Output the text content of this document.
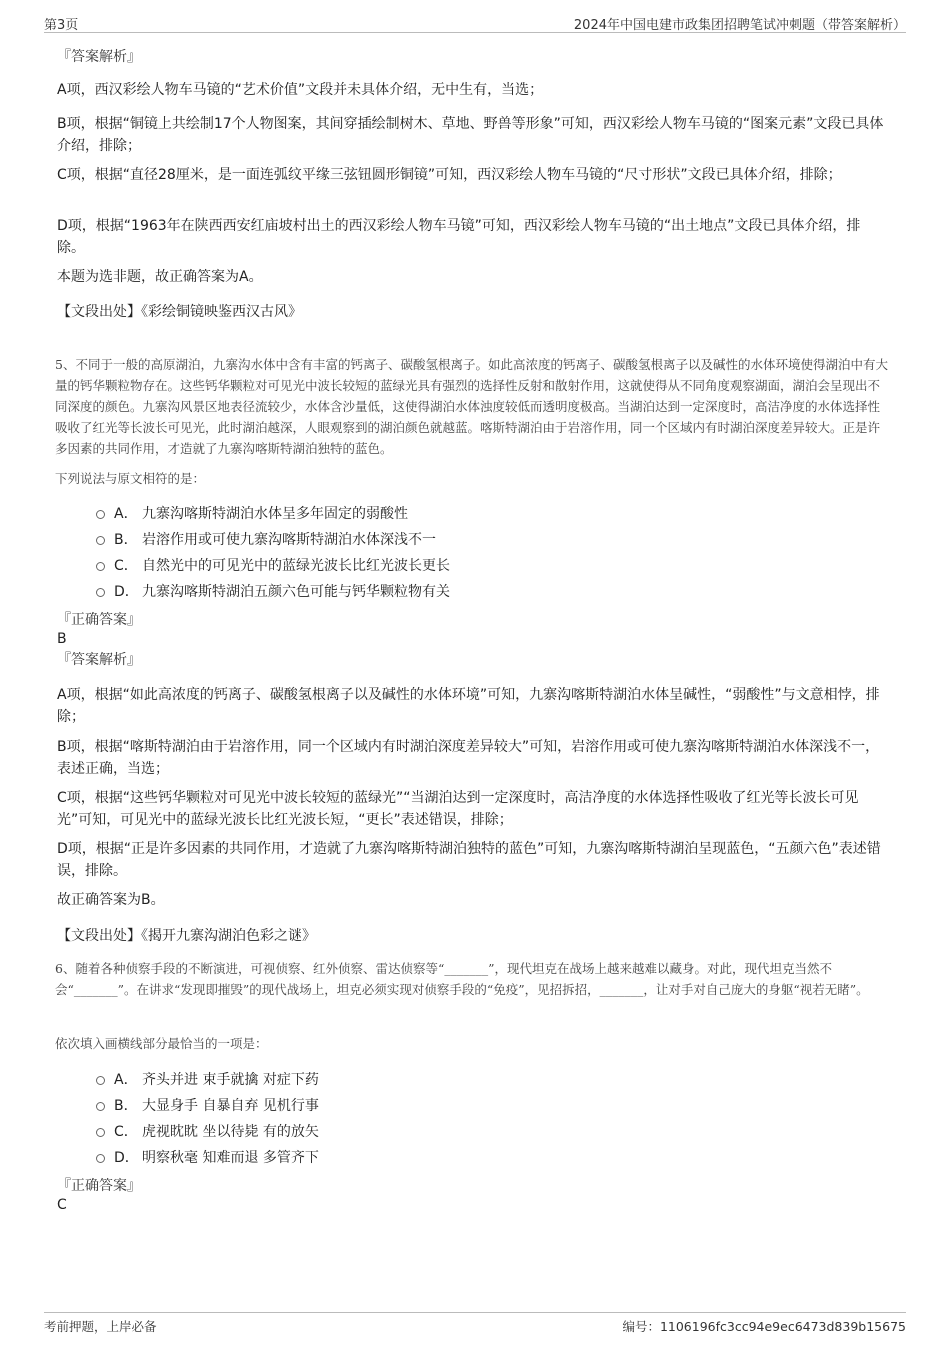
第3页	2024年中国电建市政集团招聘笔试冲刺题（带答案解析）
『答案解析』
A项，西汉彩绘人物车马镜的“艺术价值”文段并未具体介绍，无中生有，当选；
B项，根据“铜镜上共绘制17个人物图案，其间穿插绘制树木、草地、野兽等形象”可知，西汉彩绘人物车马镜的“图案元素”文段已具体介绍，排除；
C项，根据“直径28厘米，是一面连弧纹平缘三弦钮圆形铜镜”可知，西汉彩绘人物车马镜的“尺寸形状”文段已具体介绍，排除；
D项，根据“1963年在陕西西安红庙坡村出土的西汉彩绘人物车马镜”可知，西汉彩绘人物车马镜的“出土地点”文段已具体介绍，排除。
本题为选非题，故正确答案为A。
【文段出处】《彩绘铜镜映鉴西汉古风》
5、不同于一般的高原湖泊，九寨沟水体中含有丰富的钙离子、碳酸氢根离子。如此高浓度的钙离子、碳酸氢根离子以及碱性的水体环境使得湖泊中有大量的钙华颗粒物存在。这些钙华颗粒对可见光中波长较短的蓝绿光具有强烈的选择性反射和散射作用，这就使得从不同角度观察湖面，湖泊会呈现出不同深度的颜色。九寨沟风景区地表径流较少，水体含沙量低，这使得湖泊水体浊度较低而透明度极高。当湖泊达到一定深度时，高洁净度的水体选择性吸收了红光等长波长可见光，此时湖泊越深，人眼观察到的湖泊颜色就越蓝。喀斯特湖泊由于岩溶作用，同一个区域内有时湖泊深度差异较大。正是许多因素的共同作用，才造就了九寨沟喀斯特湖泊独特的蓝色。
下列说法与原文相符的是：
A． 九寨沟喀斯特湖泊水体呈多年固定的弱酸性
B． 岩溶作用或可使九寨沟喀斯特湖泊水体深浅不一
C． 自然光中的可见光中的蓝绿光波长比红光波长更长
D． 九寨沟喀斯特湖泊五颜六色可能与钙华颗粒物有关
『正确答案』
B
『答案解析』
A项，根据“如此高浓度的钙离子、碳酸氢根离子以及碱性的水体环境”可知，九寨沟喀斯特湖泊水体呈碱性，“弱酸性”与文意相悖，排除；
B项，根据“喀斯特湖泊由于岩溶作用，同一个区域内有时湖泊深度差异较大”可知，岩溶作用或可使九寨沟喀斯特湖泊水体深浅不一，表述正确，当选；
C项，根据“这些钙华颗粒对可见光中波长较短的蓝绿光”“当湖泊达到一定深度时，高洁净度的水体选择性吸收了红光等长波长可见光”可知，可见光中的蓝绿光波长比红光波长短，“更长”表述错误，排除；
D项，根据“正是许多因素的共同作用，才造就了九寨沟喀斯特湖泊独特的蓝色”可知，九寨沟喀斯特湖泊呈现蓝色，“五颜六色”表述错误，排除。
故正确答案为B。
【文段出处】《揭开九寨沟湖泊色彩之谜》
6、随着各种侦察手段的不断演进，可视侦察、红外侦察、雷达侦察等“_______”，现代坦克在战场上越来越难以藏身。对此，现代坦克当然不会“_______”。在讲求“发现即摧毁”的现代战场上，坦克必须实现对侦察手段的“免疫”，见招拆招，_______，让对手对自己庞大的身躯“视若无睹”。
依次填入画横线部分最恰当的一项是：
A． 齐头并进 束手就擒 对症下药
B． 大显身手 自暴自弃 见机行事
C． 虎视眈眈 坐以待毙 有的放矢
D． 明察秋毫 知难而退 多管齐下
『正确答案』
C
考前押题，上岸必备	编号：1106196fc3cc94e9ec6473d839b15675
